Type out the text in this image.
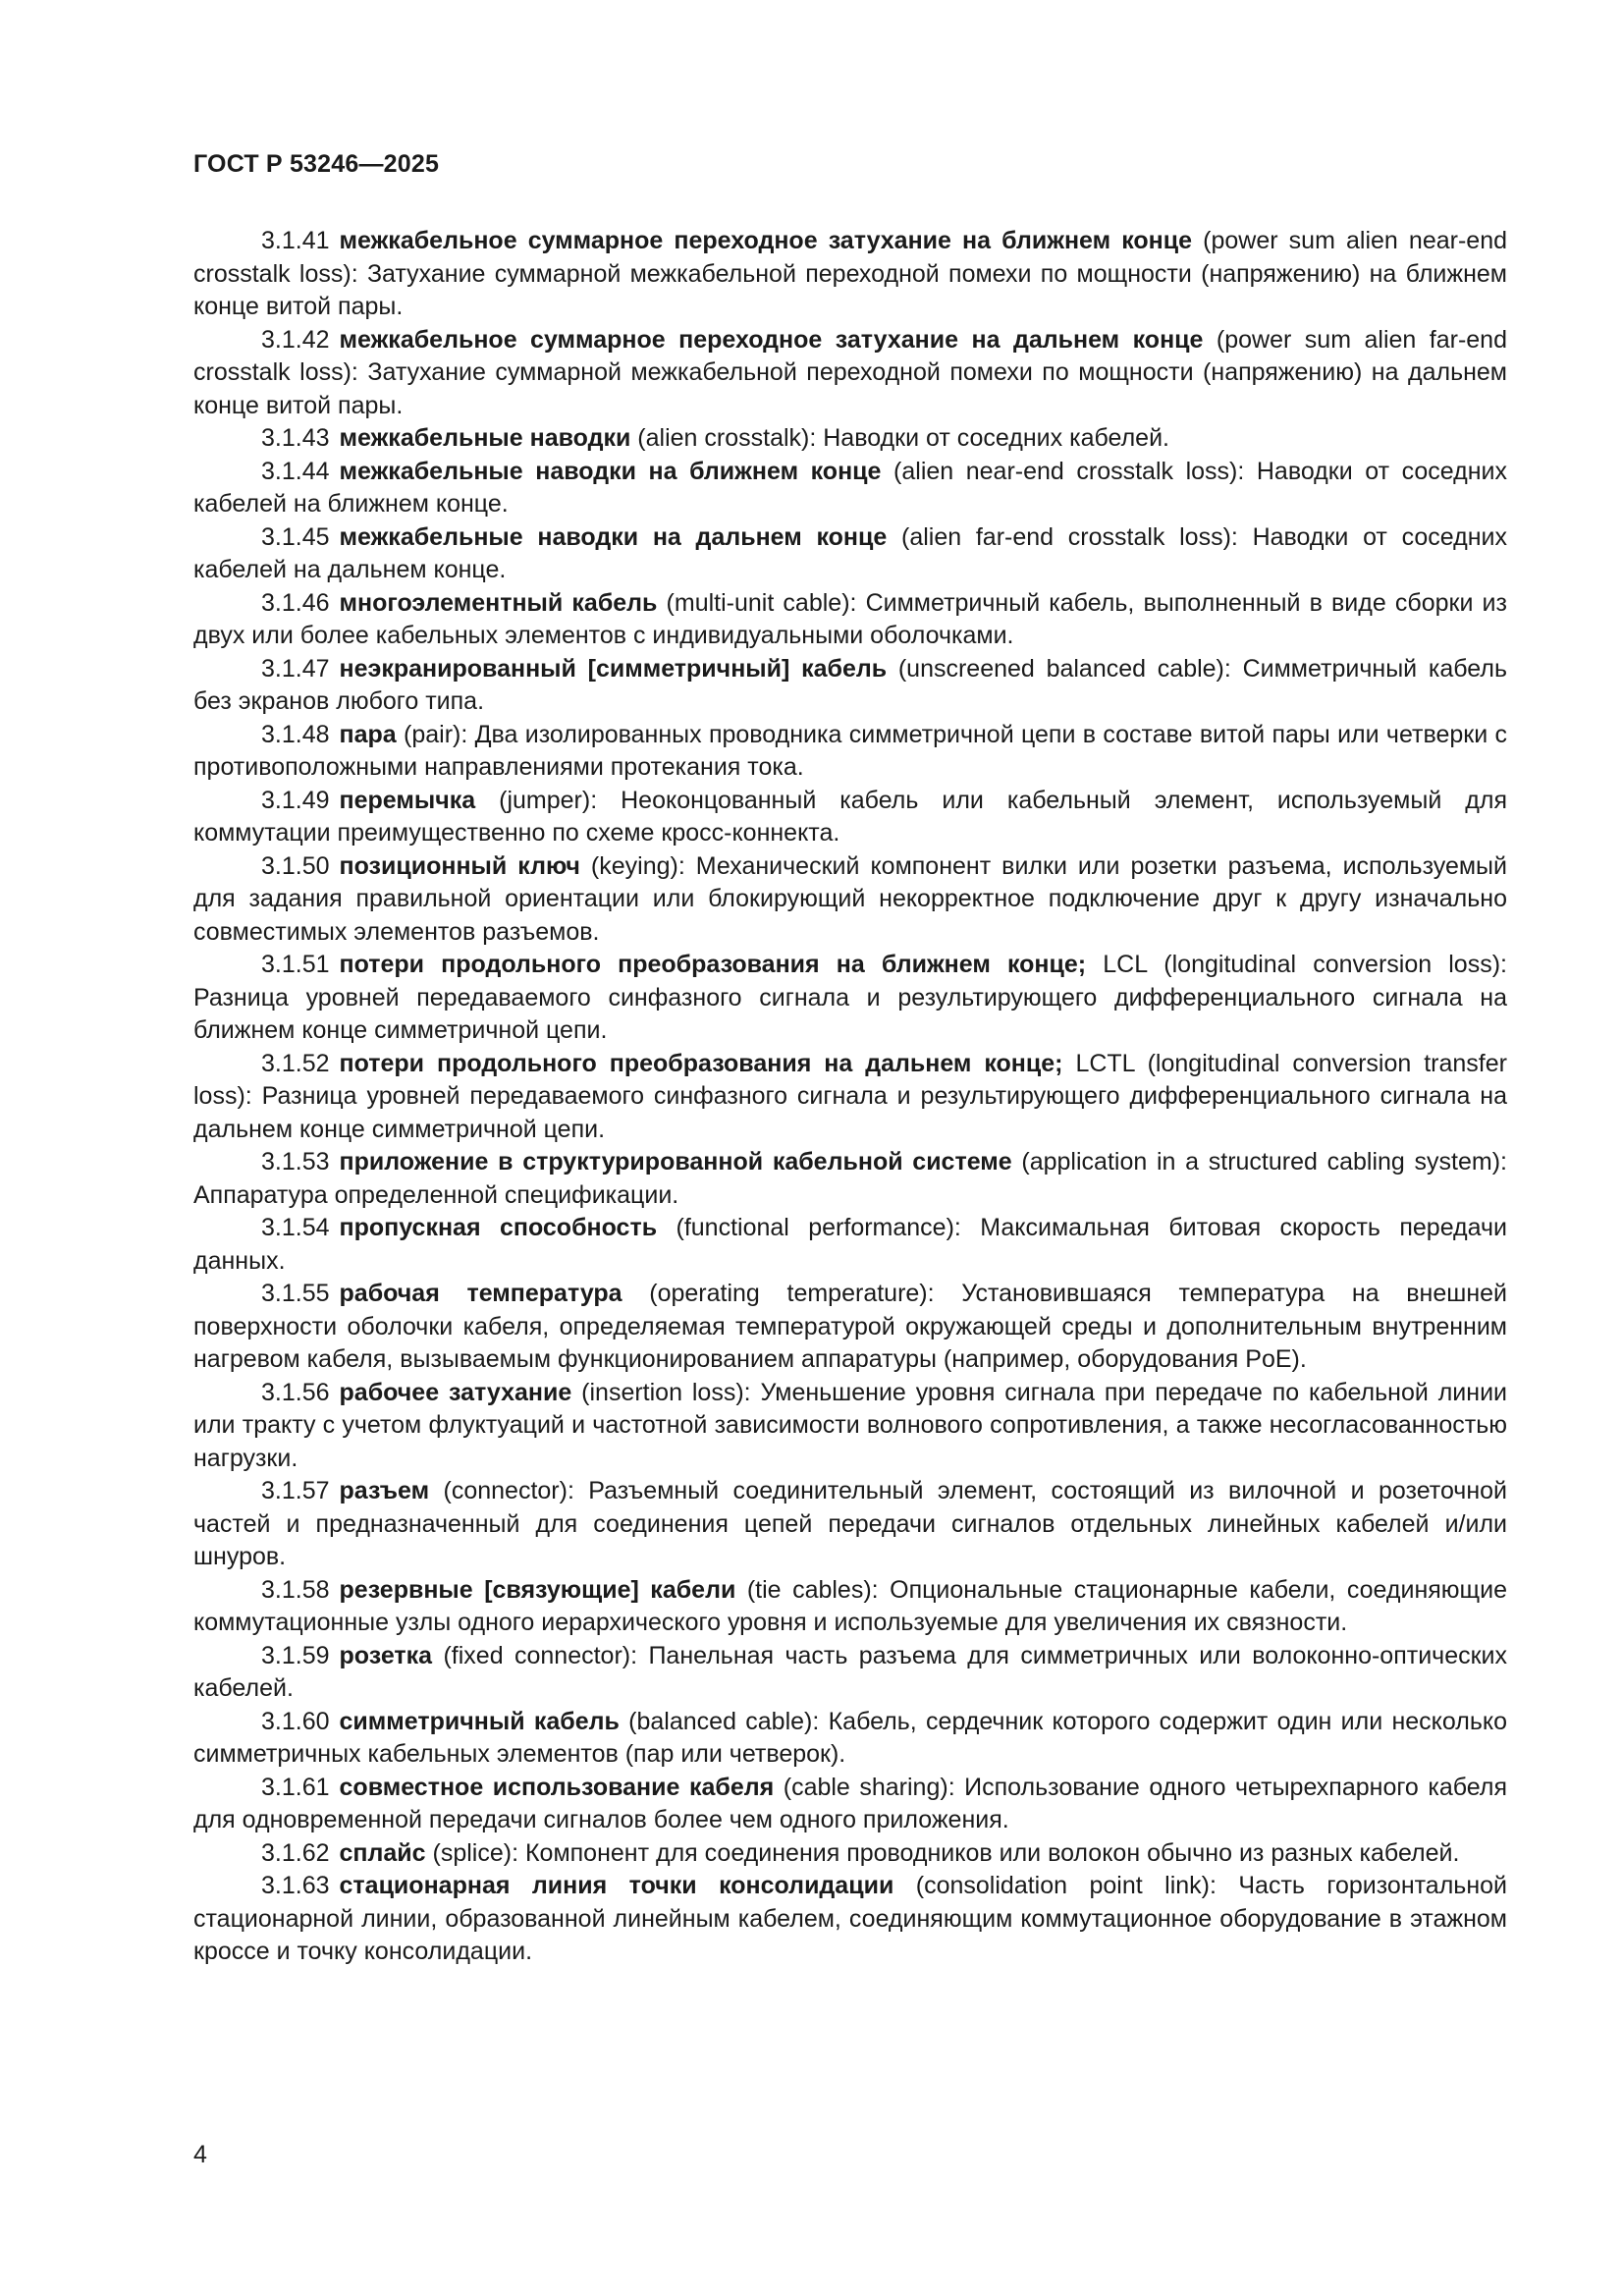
ГОСТ Р 53246—2025

3.1.41 межкабельное суммарное переходное затухание на ближнем конце (power sum alien near-end crosstalk loss): Затухание суммарной межкабельной переходной помехи по мощности (напряжению) на ближнем конце витой пары.

3.1.42 межкабельное суммарное переходное затухание на дальнем конце (power sum alien far-end crosstalk loss): Затухание суммарной межкабельной переходной помехи по мощности (напряжению) на дальнем конце витой пары.

3.1.43 межкабельные наводки (alien crosstalk): Наводки от соседних кабелей.

3.1.44 межкабельные наводки на ближнем конце (alien near-end crosstalk loss): Наводки от соседних кабелей на ближнем конце.

3.1.45 межкабельные наводки на дальнем конце (alien far-end crosstalk loss): Наводки от соседних кабелей на дальнем конце.

3.1.46 многоэлементный кабель (multi-unit cable): Симметричный кабель, выполненный в виде сборки из двух или более кабельных элементов с индивидуальными оболочками.

3.1.47 неэкранированный [симметричный] кабель (unscreened balanced cable): Симметричный кабель без экранов любого типа.

3.1.48 пара (pair): Два изолированных проводника симметричной цепи в составе витой пары или четверки с противоположными направлениями протекания тока.

3.1.49 перемычка (jumper): Неоконцованный кабель или кабельный элемент, используемый для коммутации преимущественно по схеме кросс-коннекта.

3.1.50 позиционный ключ (keying): Механический компонент вилки или розетки разъема, используемый для задания правильной ориентации или блокирующий некорректное подключение друг к другу изначально совместимых элементов разъемов.

3.1.51 потери продольного преобразования на ближнем конце; LCL (longitudinal conversion loss): Разница уровней передаваемого синфазного сигнала и результирующего дифференциального сигнала на ближнем конце симметричной цепи.

3.1.52 потери продольного преобразования на дальнем конце; LCTL (longitudinal conversion transfer loss): Разница уровней передаваемого синфазного сигнала и результирующего дифференциального сигнала на дальнем конце симметричной цепи.

3.1.53 приложение в структурированной кабельной системе (application in a structured cabling system): Аппаратура определенной спецификации.

3.1.54 пропускная способность (functional performance): Максимальная битовая скорость передачи данных.

3.1.55 рабочая температура (operating temperature): Установившаяся температура на внешней поверхности оболочки кабеля, определяемая температурой окружающей среды и дополнительным внутренним нагревом кабеля, вызываемым функционированием аппаратуры (например, оборудования PoE).

3.1.56 рабочее затухание (insertion loss): Уменьшение уровня сигнала при передаче по кабельной линии или тракту с учетом флуктуаций и частотной зависимости волнового сопротивления, а также несогласованностью нагрузки.

3.1.57 разъем (connector): Разъемный соединительный элемент, состоящий из вилочной и розеточной частей и предназначенный для соединения цепей передачи сигналов отдельных линейных кабелей и/или шнуров.

3.1.58 резервные [связующие] кабели (tie cables): Опциональные стационарные кабели, соединяющие коммутационные узлы одного иерархического уровня и используемые для увеличения их связности.

3.1.59 розетка (fixed connector): Панельная часть разъема для симметричных или волоконно-оптических кабелей.

3.1.60 симметричный кабель (balanced cable): Кабель, сердечник которого содержит один или несколько симметричных кабельных элементов (пар или четверок).

3.1.61 совместное использование кабеля (cable sharing): Использование одного четырехпарного кабеля для одновременной передачи сигналов более чем одного приложения.

3.1.62 сплайс (splice): Компонент для соединения проводников или волокон обычно из разных кабелей.

3.1.63 стационарная линия точки консолидации (consolidation point link): Часть горизонтальной стационарной линии, образованной линейным кабелем, соединяющим коммутационное оборудование в этажном кроссе и точку консолидации.

4
